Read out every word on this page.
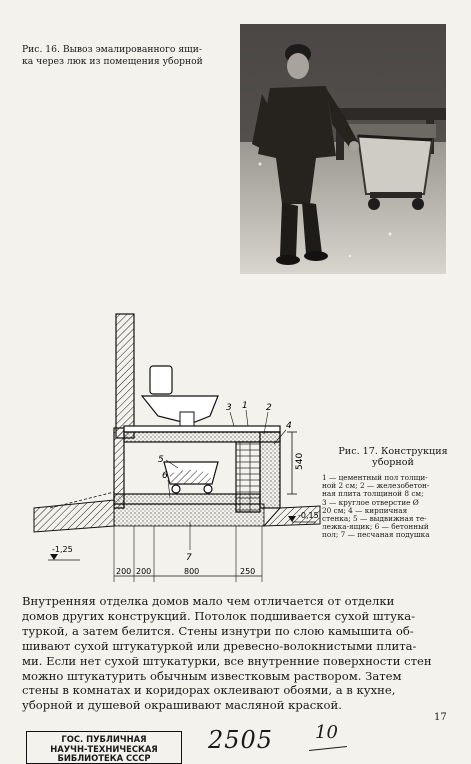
Рис. 16. Вывоз эмалированного ящи-
ка через люк из помещения уборной
540
-0,15
-1,25
200 200	800	250
3 1 2
4
5
6
7
Рис. 17. Конструкция
уборной
1 — цементный пол толщи-
ной 2 см; 2 — железобетон-
ная плита толщиной 8 см;
3 — круглое отверстие Ø
20 см; 4 — кирпичная
стенка; 5 — выдвижная те-
лежка-ящик; 6 — бетонный
пол; 7 — песчаная подушка
Внутренняя отделка домов мало чем отличается от отделки
домов других конструкций. Потолок подшивается сухой штука-
туркой, а затем белится. Стены изнутри по слою камышита об-
шивают сухой штукатуркой или древесно-волокнистыми плита-
ми. Если нет сухой штукатурки, все внутренние поверхности стен
можно штукатурить обычным известковым раствором. Затем
стены в комнатах и коридорах оклеивают обоями, а в кухне,
уборной и душевой окрашивают масляной краской.
17
ГОС. ПУБЛИЧНАЯ
НАУЧН-ТЕХНИЧЕСКАЯ
БИБЛИОТЕКА СССР
2505 10
